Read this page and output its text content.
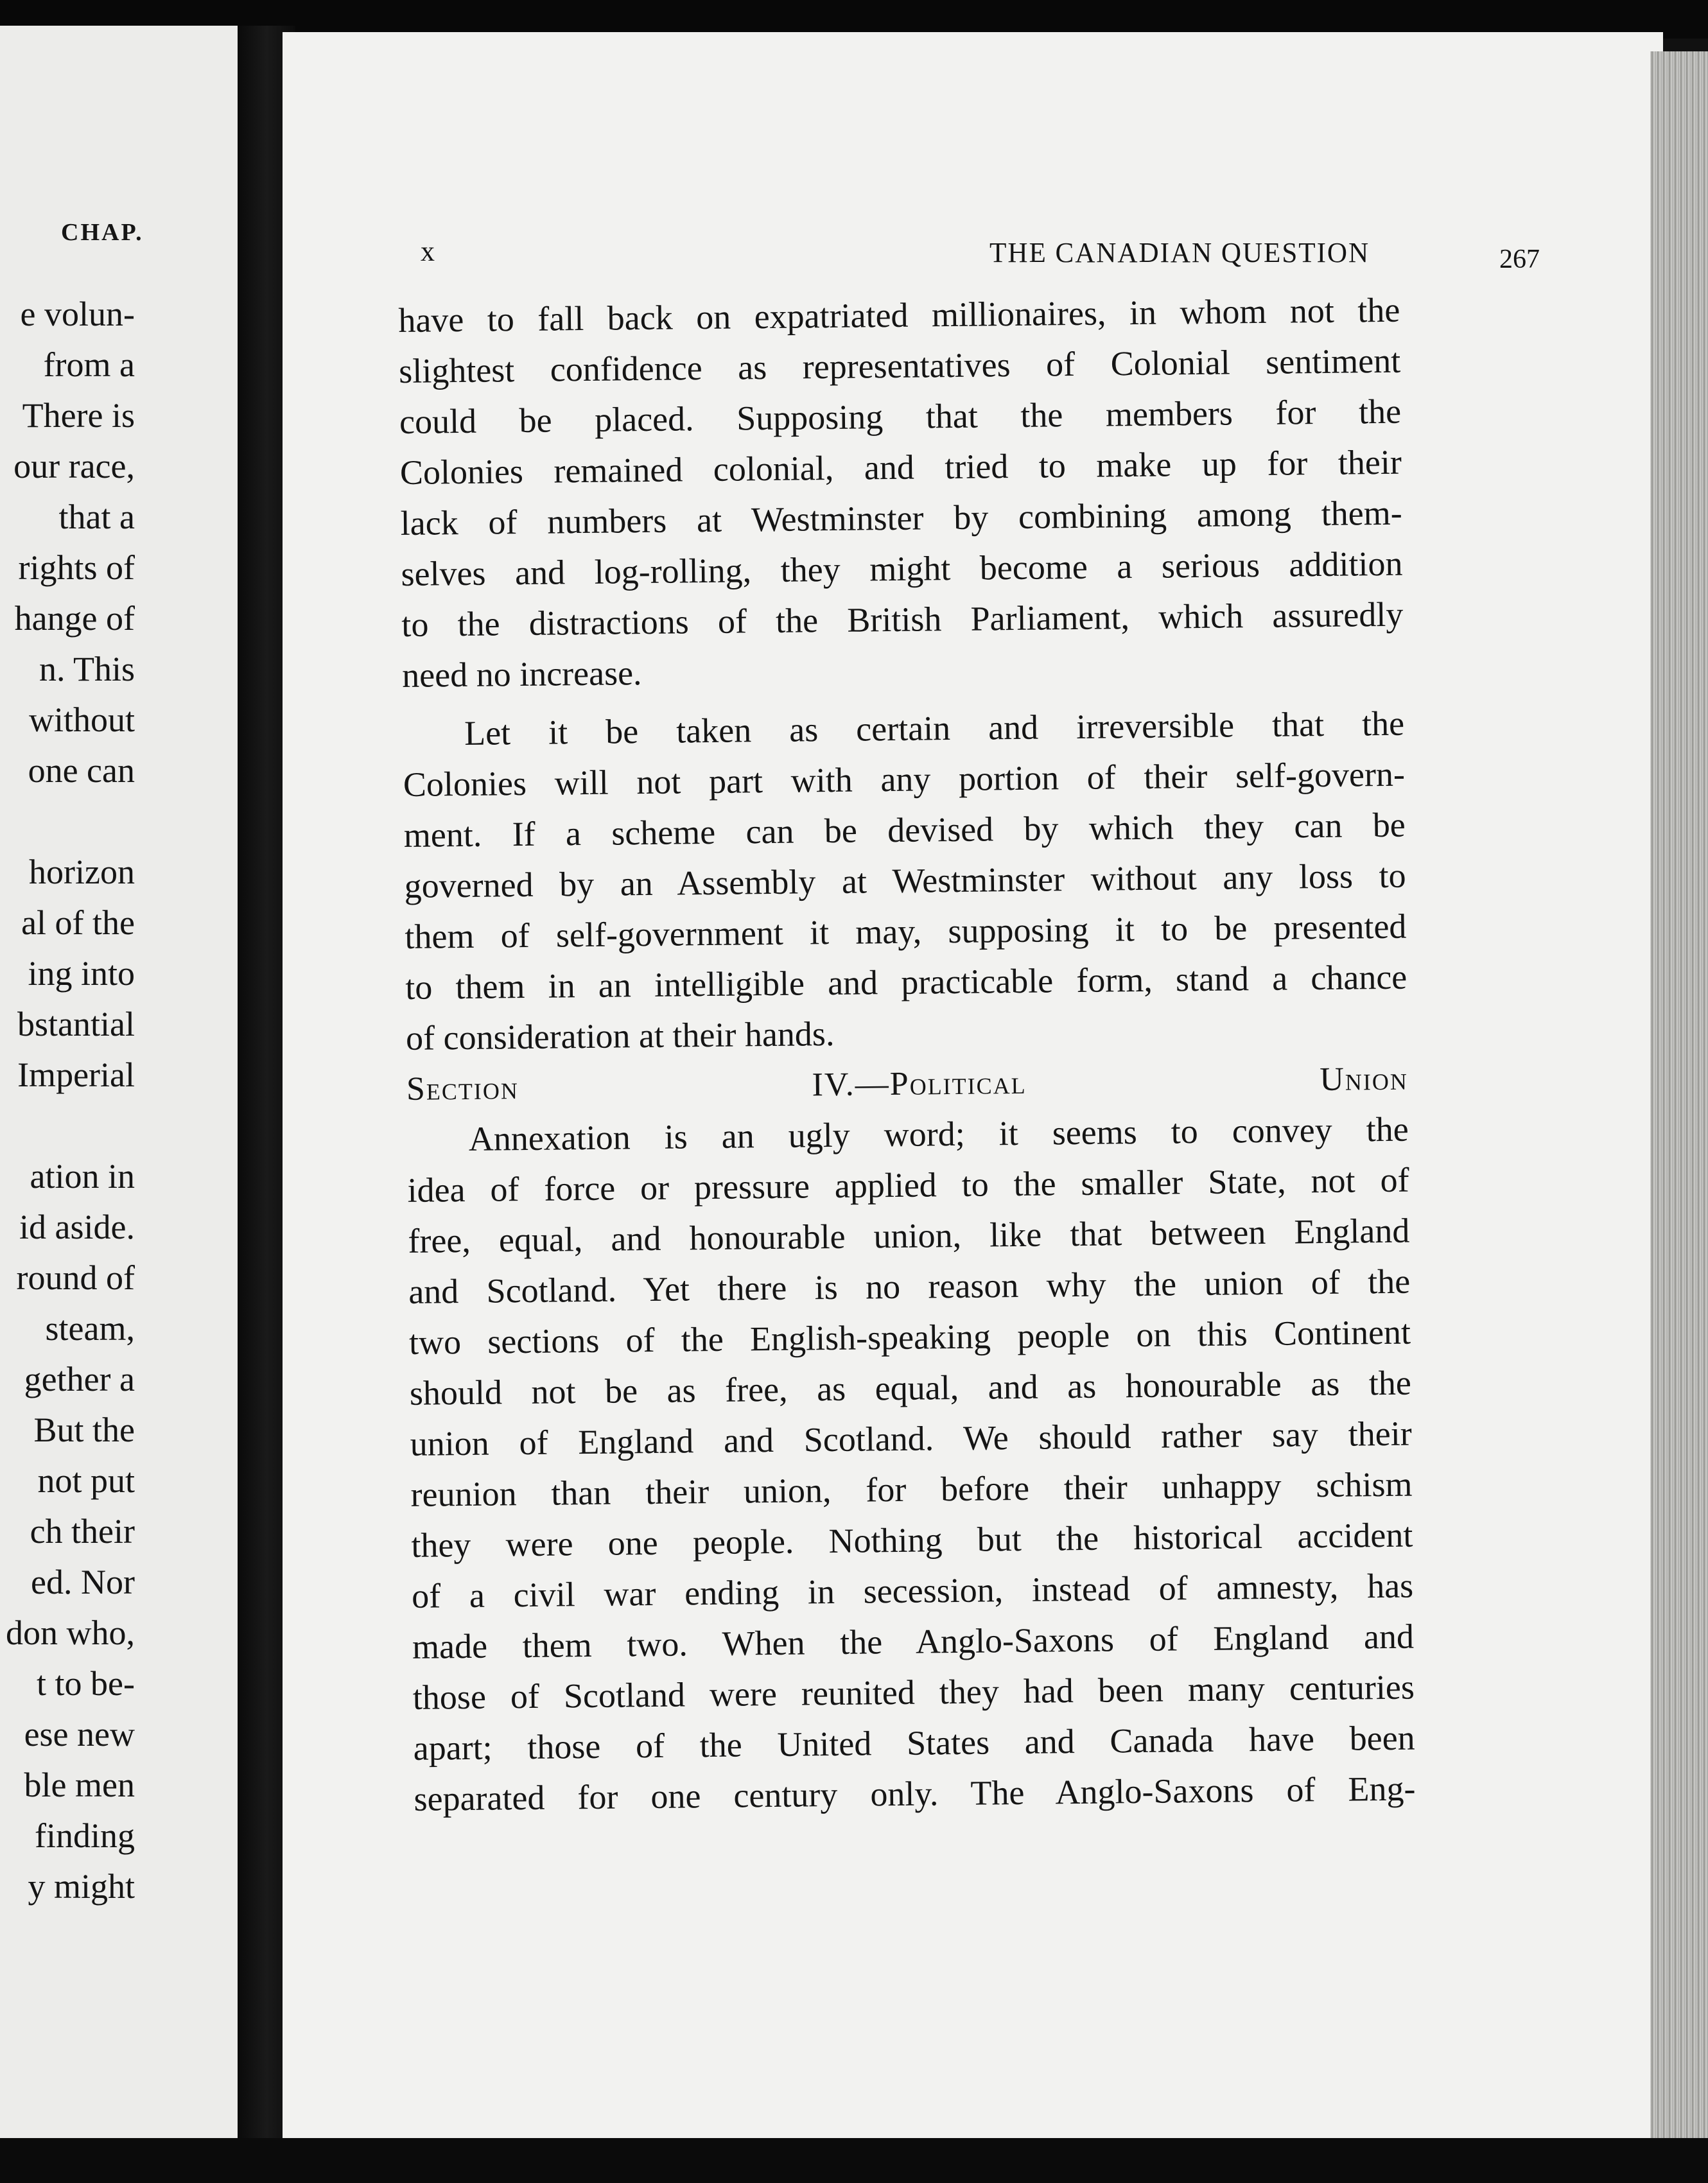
CHAP.
e volun-
from a
There is
our race,
that a
rights of
hange of
n. This
without
one can
horizon
al of the
ing into
bstantial
Imperial
ation in
id aside.
round of
steam,
gether a
But the
not put
ch their
ed. Nor
don who,
t to be-
ese new
ble men
finding
y might
x	THE CANADIAN QUESTION	267

have to fall back on expatriated millionaires, in whom not the

slightest confidence as representatives of Colonial sentiment

could be placed. Supposing that the members for the

Colonies remained colonial, and tried to make up for their

lack of numbers at Westminster by combining among them-

selves and log-rolling, they might become a serious addition

to the distractions of the British Parliament, which assuredly

need no increase.

Let it be taken as certain and irreversible that the

Colonies will not part with any portion of their self-govern-

ment. If a scheme can be devised by which they can be

governed by an Assembly at Westminster without any loss to

them of self-government it may, supposing it to be presented

to them in an intelligible and practicable form, stand a chance

of consideration at their hands.

Section IV.—Political Union

Annexation is an ugly word; it seems to convey the

idea of force or pressure applied to the smaller State, not of

free, equal, and honourable union, like that between England

and Scotland. Yet there is no reason why the union of the

two sections of the English-speaking people on this Continent

should not be as free, as equal, and as honourable as the

union of England and Scotland. We should rather say their

reunion than their union, for before their unhappy schism

they were one people. Nothing but the historical accident

of a civil war ending in secession, instead of amnesty, has

made them two. When the Anglo-Saxons of England and

those of Scotland were reunited they had been many centuries

apart; those of the United States and Canada have been

separated for one century only. The Anglo-Saxons of Eng-
